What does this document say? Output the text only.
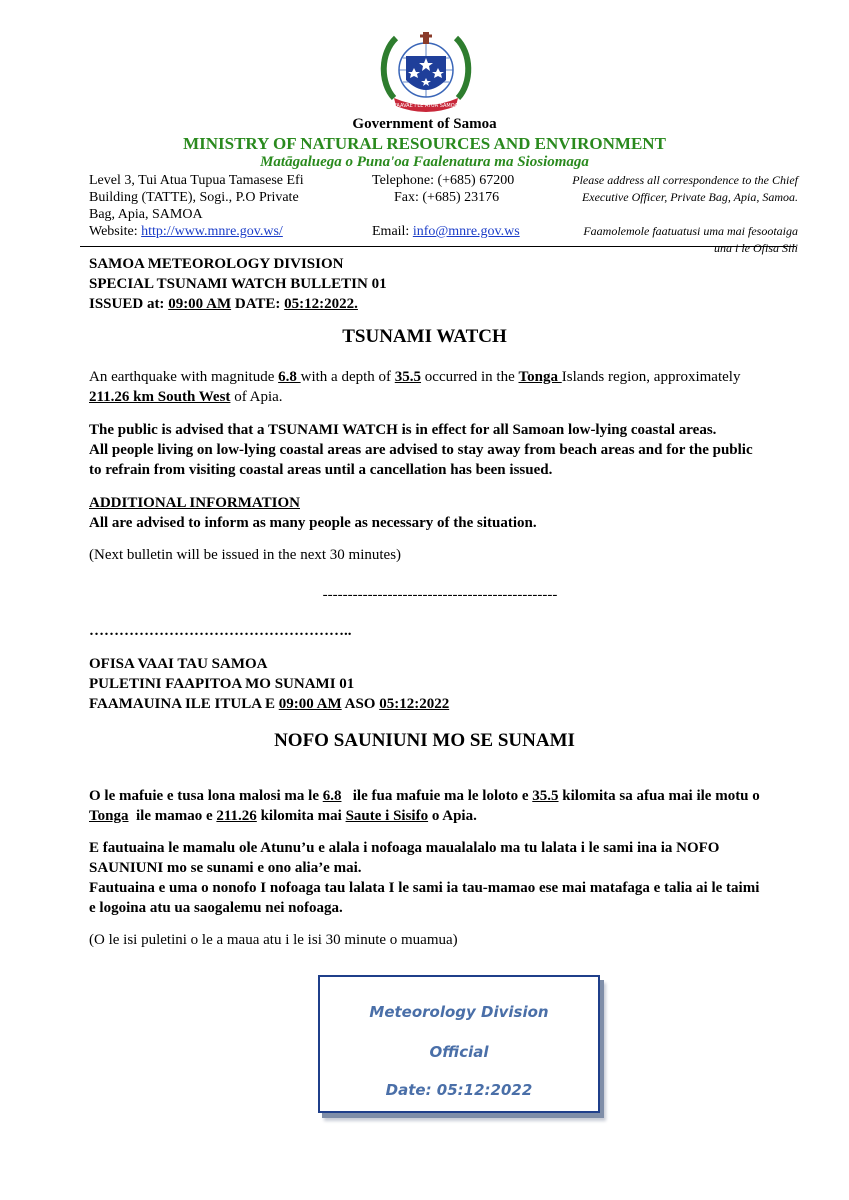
FAAVAE I LE ATUA SAMOA
Government of Samoa
MINISTRY OF NATURAL RESOURCES AND ENVIRONMENT
Matāgaluega o Puna'oa Faalenatura ma Siosiomaga
Level 3, Tui Atua Tupua Tamasese Efi
Building (TATTE), Sogi., P.O Private
Bag, Apia, SAMOA
Website: http://www.mnre.gov.ws/
Telephone: (+685) 67200
Fax: (+685) 23176
Email: info@mnre.gov.ws
Please address all correspondence to the Chief
Executive Officer, Private Bag, Apia, Samoa.
Faamolemole faatuatusi uma mai fesootaiga
una i le Ofisa Sili
SAMOA METEOROLOGY DIVISION
SPECIAL TSUNAMI WATCH BULLETIN 01
ISSUED at: 09:00 AM DATE: 05:12:2022.
TSUNAMI WATCH
An earthquake with magnitude 6.8 with a depth of 35.5 occurred in the Tonga Islands region, approximately
211.26 km South West of Apia.
The public is advised that a TSUNAMI WATCH is in effect for all Samoan low-lying coastal areas.
All people living on low-lying coastal areas are advised to stay away from beach areas and for the public
to refrain from visiting coastal areas until a cancellation has been issued.
ADDITIONAL INFORMATION
All are advised to inform as many people as necessary of the situation.
(Next bulletin will be issued in the next 30 minutes)
-----------------------------------------------
……………………………………………..
OFISA VAAI TAU SAMOA
PULETINI FAAPITOA MO SUNAMI 01
FAAMAUINA ILE ITULA E 09:00 AM ASO 05:12:2022
NOFO SAUNIUNI MO SE SUNAMI
O le mafuie e tusa lona malosi ma le 6.8   ile fua mafuie ma le loloto e 35.5 kilomita sa afua mai ile motu o
Tonga  ile mamao e 211.26 kilomita mai Saute i Sisifo o Apia.
E fautuaina le mamalu ole Atunu’u e alala i nofoaga maualalalo ma tu lalata i le sami ina ia NOFO
SAUNIUNI mo se sunami e ono alia’e mai.
Fautuaina e uma o nonofo I nofoaga tau lalata I le sami ia tau-mamao ese mai matafaga e talia ai le taimi
e logoina atu ua saogalemu nei nofoaga.
(O le isi puletini o le a maua atu i le isi 30 minute o muamua)
Meteorology Division
Official
Date: 05:12:2022
